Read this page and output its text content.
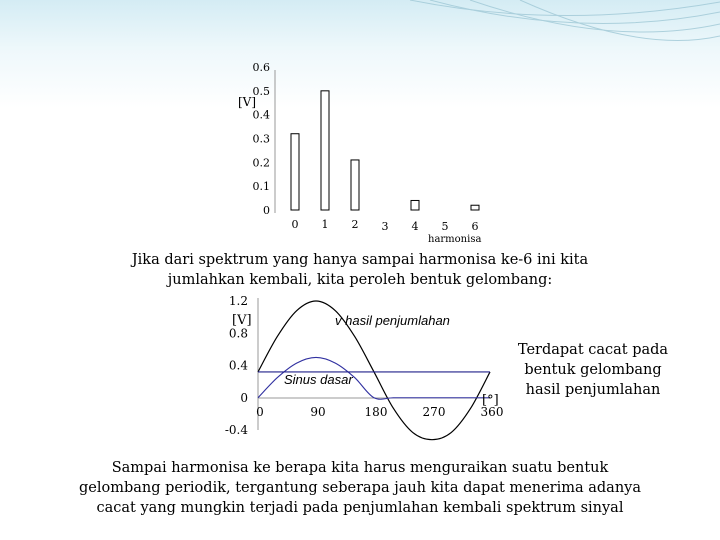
0
0.1
0.2
0.3
0.4
0.5
0.6
0 1 2 3 4 5 6
[V]
harmonisa
-0.4
0
0.4
0.8
1.2
0	90	180	270	360
[V]
[°]
v hasil penjumlahan
Sinus dasar

Jika dari spektrum yang hanya sampai harmonisa ke-6 ini kita jumlahkan kembali, kita peroleh bentuk gelombang:

Terdapat cacat pada bentuk gelombang hasil penjumlahan

Sampai harmonisa ke berapa kita harus menguraikan suatu bentuk gelombang periodik, tergantung seberapa jauh kita dapat menerima adanya cacat yang mungkin terjadi pada penjumlahan kembali spektrum sinyal
